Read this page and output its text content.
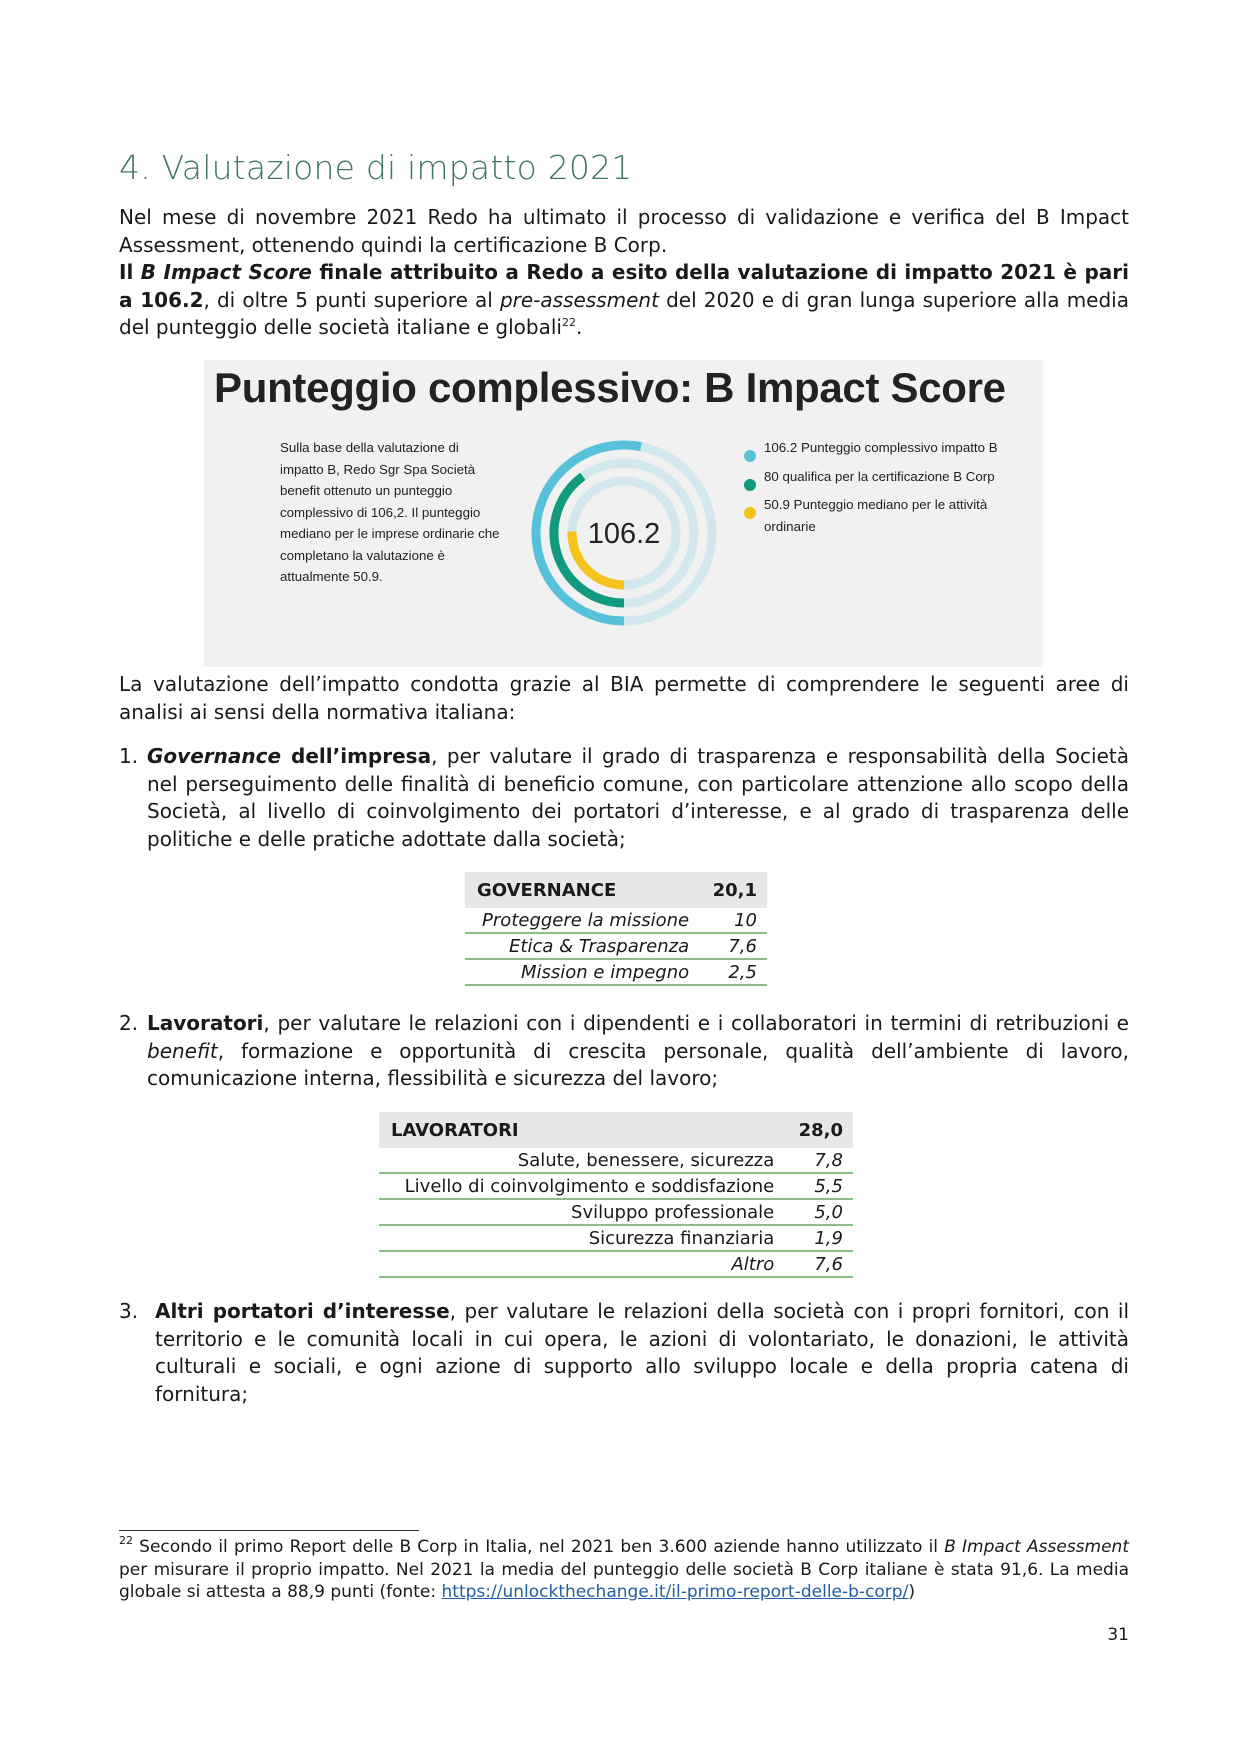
4. Valutazione di impatto 2021

Nel mese di novembre 2021 Redo ha ultimato il processo di validazione e verifica del B Impact Assessment, ottenendo quindi la certificazione B Corp.

Il B Impact Score finale attribuito a Redo a esito della valutazione di impatto 2021 è pari a 106.2, di oltre 5 punti superiore al pre-assessment del 2020 e di gran lunga superiore alla media del punteggio delle società italiane e globali$^{22}$.

Punteggio complessivo: B Impact Score

Sulla base della valutazione di impatto B, Redo Sgr Spa Società benefit ottenuto un punteggio complessivo di 106,2. Il punteggio mediano per le imprese ordinarie che completano la valutazione è attualmente 50.9.

106.2
106.2 Punteggio complessivo impatto B
80 qualifica per la certificazione B Corp
50.9 Punteggio mediano per le attività ordinarie

La valutazione dell’impatto condotta grazie al BIA permette di comprendere le seguenti aree di analisi ai sensi della normativa italiana:

1. Governance dell’impresa, per valutare il grado di trasparenza e responsabilità della Società nel perseguimento delle finalità di beneficio comune, con particolare attenzione allo scopo della Società, al livello di coinvolgimento dei portatori d’interesse, e al grado di trasparenza delle politiche e delle pratiche adottate dalla società;
GOVERNANCE	20,1
Proteggere la missione	10
Etica & Trasparenza	7,6
Mission e impegno	2,5
2. Lavoratori, per valutare le relazioni con i dipendenti e i collaboratori in termini di retribuzioni e benefit, formazione e opportunità di crescita personale, qualità dell’ambiente di lavoro, comunicazione interna, flessibilità e sicurezza del lavoro;
LAVORATORI	28,0
Salute, benessere, sicurezza	7,8
Livello di coinvolgimento e soddisfazione	5,5
Sviluppo professionale	5,0
Sicurezza finanziaria	1,9
Altro	7,6
3. Altri portatori d’interesse, per valutare le relazioni della società con i propri fornitori, con il territorio e le comunità locali in cui opera, le azioni di volontariato, le donazioni, le attività culturali e sociali, e ogni azione di supporto allo sviluppo locale e della propria catena di fornitura;

$^{22}$ Secondo il primo Report delle B Corp in Italia, nel 2021 ben 3.600 aziende hanno utilizzato il B Impact Assessment per misurare il proprio impatto. Nel 2021 la media del punteggio delle società B Corp italiane è stata 91,6. La media globale si attesta a 88,9 punti (fonte: https://unlockthechange.it/il-primo-report-delle-b-corp/)

31
